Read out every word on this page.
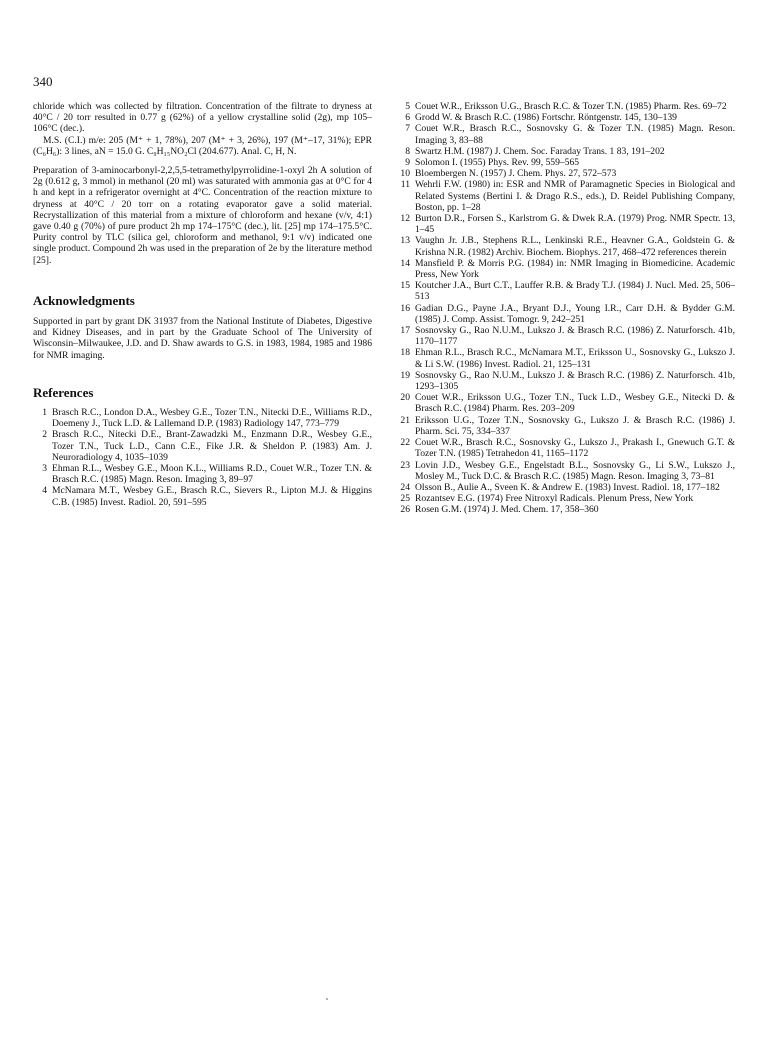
340

chloride which was collected by filtration. Concentration of the filtrate to dryness at 40°C / 20 torr resulted in 0.77 g (62%) of a yellow crystalline solid (2g), mp 105–106°C (dec.).

M.S. (C.I.) m/e: 205 (M⁺ + 1, 78%), 207 (M⁺ + 3, 26%), 197 (M⁺–17, 31%); EPR (C₆H₆): 3 lines, aN = 15.0 G. C₉H₁₅NO₂Cl (204.677). Anal. C, H, N.

Preparation of 3-aminocarbonyl-2,2,5,5-tetramethylpyrrolidine-1-oxyl 2h A solution of 2g (0.612 g, 3 mmol) in methanol (20 ml) was saturated with ammonia gas at 0°C for 4 h and kept in a refrigerator overnight at 4°C. Concentration of the reaction mixture to dryness at 40°C / 20 torr on a rotating evaporator gave a solid material. Recrystallization of this material from a mixture of chloroform and hexane (v/v, 4:1) gave 0.40 g (70%) of pure product 2h mp 174–175°C (dec.), lit. [25] mp 174–175.5°C. Purity control by TLC (silica gel, chloroform and methanol, 9:1 v/v) indicated one single product. Compound 2h was used in the preparation of 2e by the literature method [25].

Acknowledgments

Supported in part by grant DK 31937 from the National Institute of Diabetes, Digestive and Kidney Diseases, and in part by the Graduate School of The University of Wisconsin–Milwaukee, J.D. and D. Shaw awards to G.S. in 1983, 1984, 1985 and 1986 for NMR imaging.

References
1 Brasch R.C., London D.A., Wesbey G.E., Tozer T.N., Nitecki D.E., Williams R.D., Doemeny J., Tuck L.D. & Lallemand D.P. (1983) Radiology 147, 773–779
2 Brasch R.C., Nitecki D.E., Brant-Zawadzki M., Enzmann D.R., Wesbey G.E., Tozer T.N., Tuck L.D., Cann C.E., Fike J.R. & Sheldon P. (1983) Am. J. Neuroradiology 4, 1035–1039
3 Ehman R.L., Wesbey G.E., Moon K.L., Williams R.D., Couet W.R., Tozer T.N. & Brasch R.C. (1985) Magn. Reson. Imaging 3, 89–97
4 McNamara M.T., Wesbey G.E., Brasch R.C., Sievers R., Lipton M.J. & Higgins C.B. (1985) Invest. Radiol. 20, 591–595
5 Couet W.R., Eriksson U.G., Brasch R.C. & Tozer T.N. (1985) Pharm. Res. 69–72
6 Grodd W. & Brasch R.C. (1986) Fortschr. Röntgenstr. 145, 130–139
7 Couet W.R., Brasch R.C., Sosnovsky G. & Tozer T.N. (1985) Magn. Reson. Imaging 3, 83–88
8 Swartz H.M. (1987) J. Chem. Soc. Faraday Trans. 1 83, 191–202
9 Solomon I. (1955) Phys. Rev. 99, 559–565
10 Bloembergen N. (1957) J. Chem. Phys. 27, 572–573
11 Wehrli F.W. (1980) in: ESR and NMR of Paramagnetic Species in Biological and Related Systems (Bertini I. & Drago R.S., eds.), D. Reidel Publishing Company, Boston, pp. 1–28
12 Burton D.R., Forsen S., Karlstrom G. & Dwek R.A. (1979) Prog. NMR Spectr. 13, 1–45
13 Vaughn Jr. J.B., Stephens R.L., Lenkinski R.E., Heavner G.A., Goldstein G. & Krishna N.R. (1982) Archiv. Biochem. Biophys. 217, 468–472 references therein
14 Mansfield P. & Morris P.G. (1984) in: NMR Imaging in Biomedicine. Academic Press, New York
15 Koutcher J.A., Burt C.T., Lauffer R.B. & Brady T.J. (1984) J. Nucl. Med. 25, 506–513
16 Gadian D.G., Payne J.A., Bryant D.J., Young I.R., Carr D.H. & Bydder G.M. (1985) J. Comp. Assist. Tomogr. 9, 242–251
17 Sosnovsky G., Rao N.U.M., Lukszo J. & Brasch R.C. (1986) Z. Naturforsch. 41b, 1170–1177
18 Ehman R.L., Brasch R.C., McNamara M.T., Eriksson U., Sosnovsky G., Lukszo J. & Li S.W. (1986) Invest. Radiol. 21, 125–131
19 Sosnovsky G., Rao N.U.M., Lukszo J. & Brasch R.C. (1986) Z. Naturforsch. 41b, 1293–1305
20 Couet W.R., Eriksson U.G., Tozer T.N., Tuck L.D., Wesbey G.E., Nitecki D. & Brasch R.C. (1984) Pharm. Res. 203–209
21 Eriksson U.G., Tozer T.N., Sosnovsky G., Lukszo J. & Brasch R.C. (1986) J. Pharm. Sci. 75, 334–337
22 Couet W.R., Brasch R.C., Sosnovsky G., Lukszo J., Prakash I., Gnewuch G.T. & Tozer T.N. (1985) Tetrahedon 41, 1165–1172
23 Lovin J.D., Wesbey G.E., Engelstadt B.L., Sosnovsky G., Li S.W., Lukszo J., Mosley M., Tuck D.C. & Brasch R.C. (1985) Magn. Reson. Imaging 3, 73–81
24 Olsson B., Aulie A., Sveen K. & Andrew E. (1983) Invest. Radiol. 18, 177–182
25 Rozantsev E.G. (1974) Free Nitroxyl Radicals. Plenum Press, New York
26 Rosen G.M. (1974) J. Med. Chem. 17, 358–360
